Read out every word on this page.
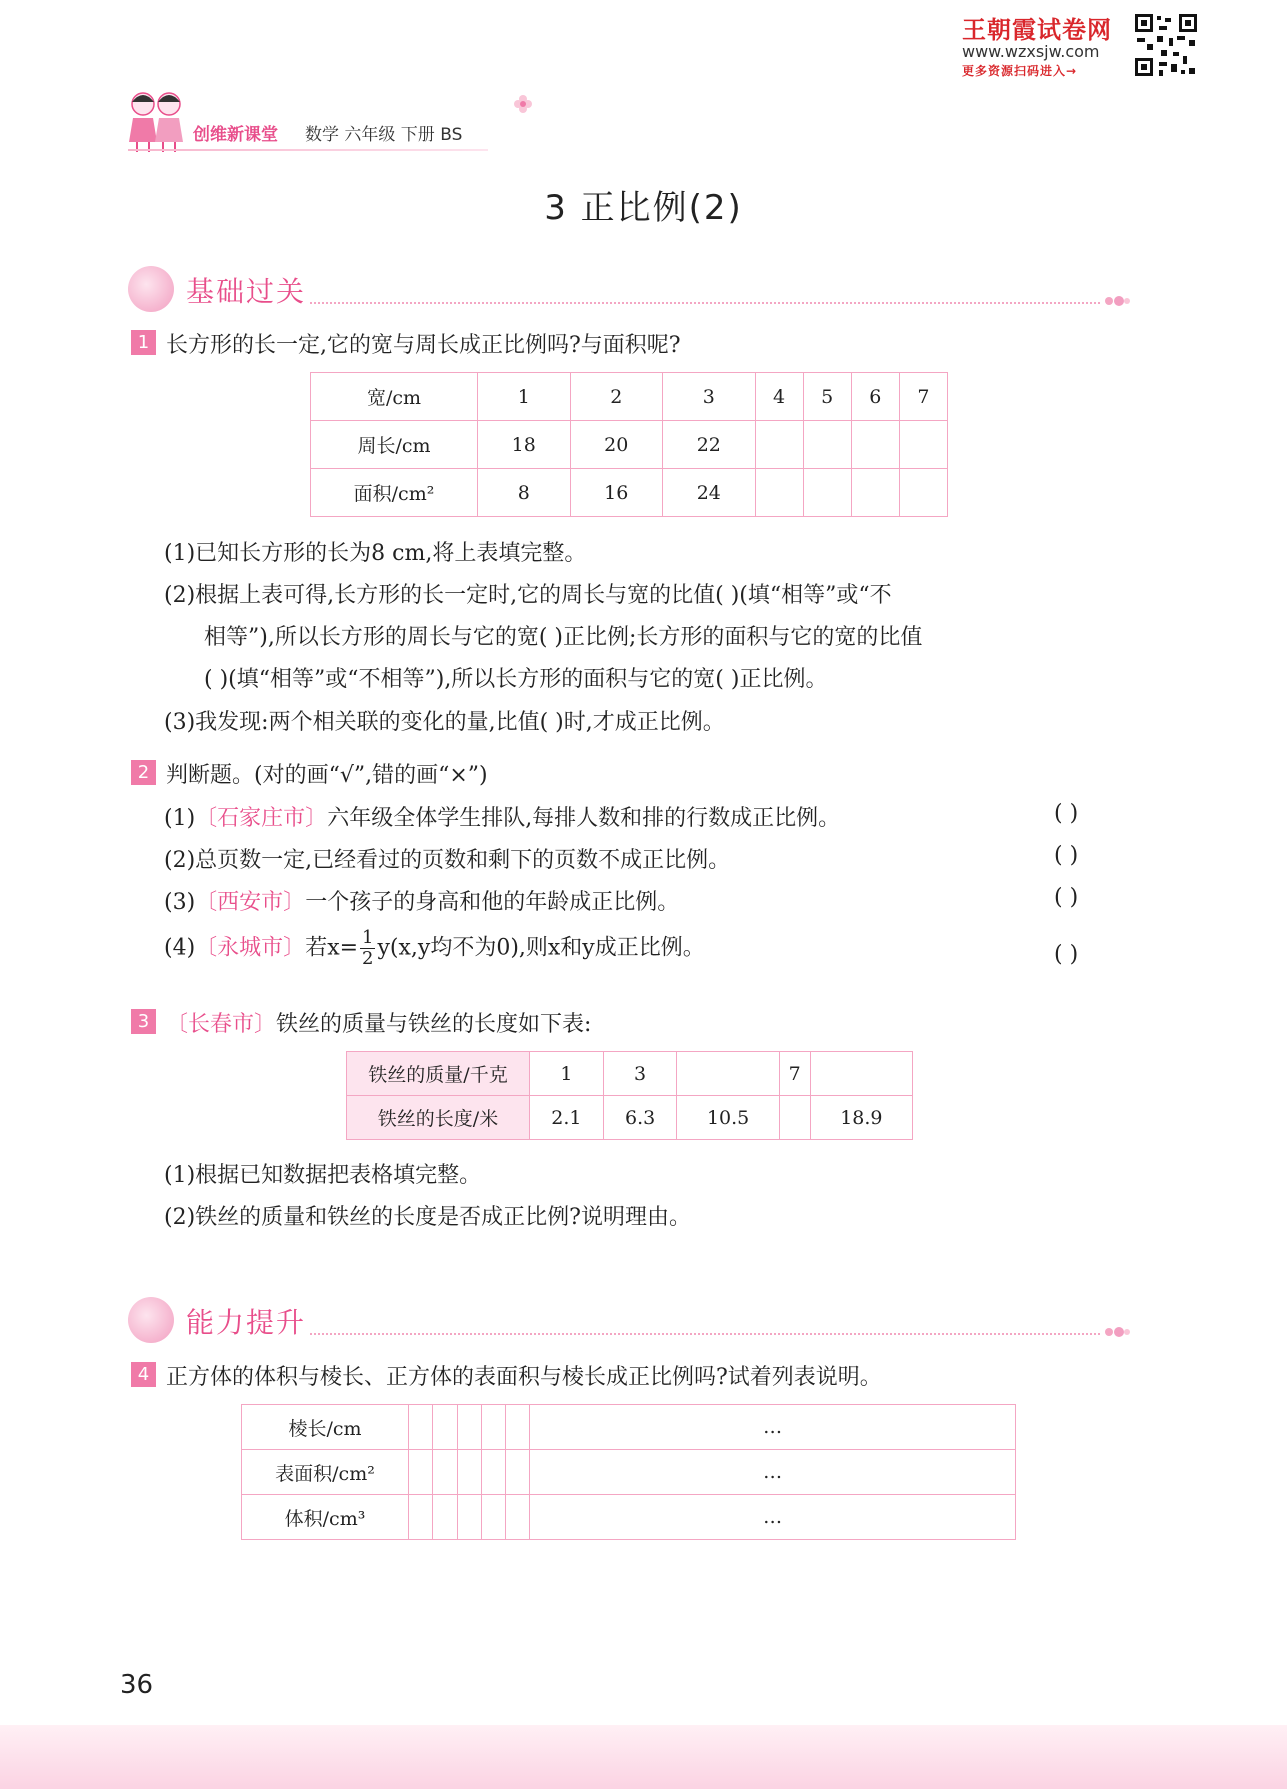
王朝霞试卷网
www.wzxsjw.com
更多资源扫码进入→
创维新课堂 数学 六年级 下册 BS
3 正比例(2)
基础过关
1 长方形的长一定,它的宽与周长成正比例吗?与面积呢?
宽/cm	1	2	3	4	5	6	7
周长/cm	18	20	22				
面积/cm²	8	16	24				
(1)已知长方形的长为8 cm,将上表填完整。
(2)根据上表可得,长方形的长一定时,它的周长与宽的比值( )(填“相等”或“不
相等”),所以长方形的周长与它的宽( )正比例;长方形的面积与它的宽的比值
( )(填“相等”或“不相等”),所以长方形的面积与它的宽( )正比例。
(3)我发现:两个相关联的变化的量,比值( )时,才成正比例。
2 判断题。(对的画“√”,错的画“×”)
(1)〔石家庄市〕六年级全体学生排队,每排人数和排的行数成正比例。	( )
(2)总页数一定,已经看过的页数和剩下的页数不成正比例。	( )
(3)〔西安市〕一个孩子的身高和他的年龄成正比例。	( )
(4)〔永城市〕若$x= \frac{1}{2} y(x,y$均不为0),则x和y成正比例。	( )
3 〔长春市〕铁丝的质量与铁丝的长度如下表:
铁丝的质量/千克	1	3		7	
铁丝的长度/米	2.1	6.3	10.5		18.9
(1)根据已知数据把表格填完整。
(2)铁丝的质量和铁丝的长度是否成正比例?说明理由。
能力提升
4 正方体的体积与棱长、正方体的表面积与棱长成正比例吗?试着列表说明。
棱长/cm						…
表面积/cm²						…
体积/cm³						…
36
